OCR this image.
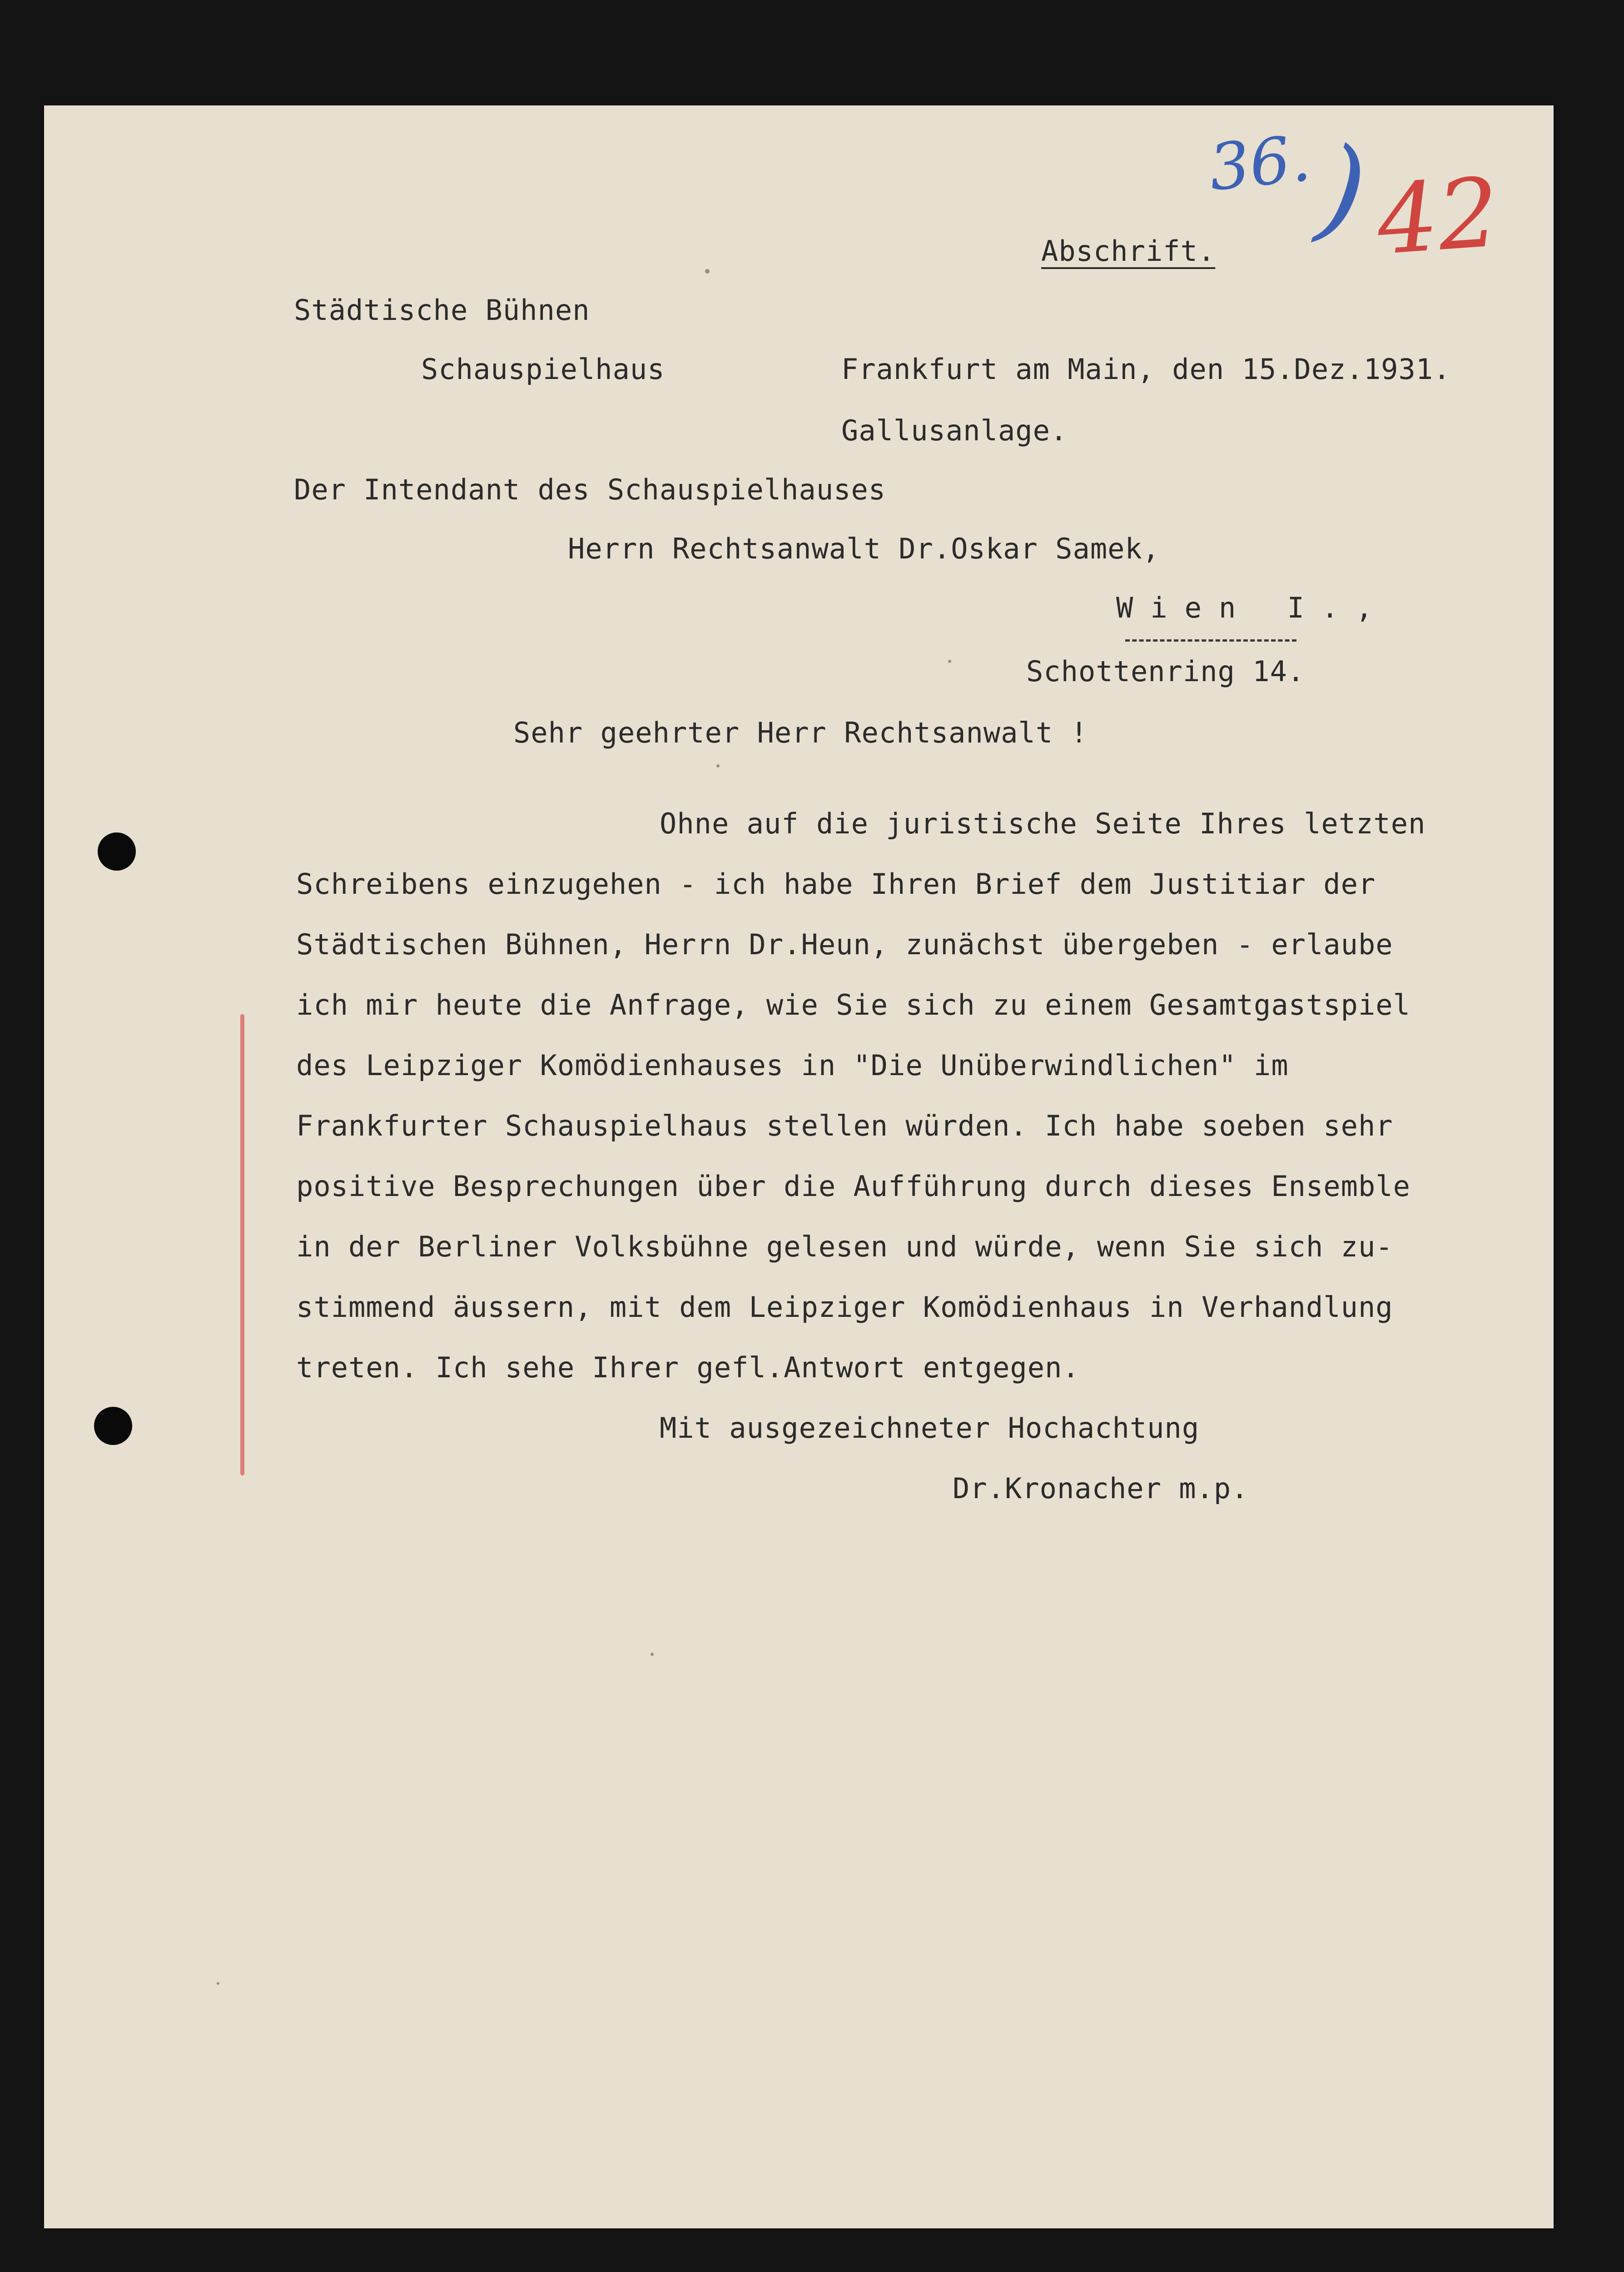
36.
) 42
Abschrift.
Städtische Bühnen
Schauspielhaus	Frankfurt am Main, den 15.Dez.1931.
Gallusanlage.
Der Intendant des Schauspielhauses
Herrn Rechtsanwalt Dr.Oskar Samek,
Wien I.,
Schottenring 14.
Sehr geehrter Herr Rechtsanwalt !
Ohne auf die juristische Seite Ihres letzten
Schreibens einzugehen - ich habe Ihren Brief dem Justitiar der
Städtischen Bühnen, Herrn Dr.Heun, zunächst übergeben - erlaube
ich mir heute die Anfrage, wie Sie sich zu einem Gesamtgastspiel
des Leipziger Komödienhauses in "Die Unüberwindlichen" im
Frankfurter Schauspielhaus stellen würden. Ich habe soeben sehr
positive Besprechungen über die Aufführung durch dieses Ensemble
in der Berliner Volksbühne gelesen und würde, wenn Sie sich zu-
stimmend äussern, mit dem Leipziger Komödienhaus in Verhandlung
treten. Ich sehe Ihrer gefl.Antwort entgegen.
Mit ausgezeichneter Hochachtung
Dr.Kronacher m.p.
